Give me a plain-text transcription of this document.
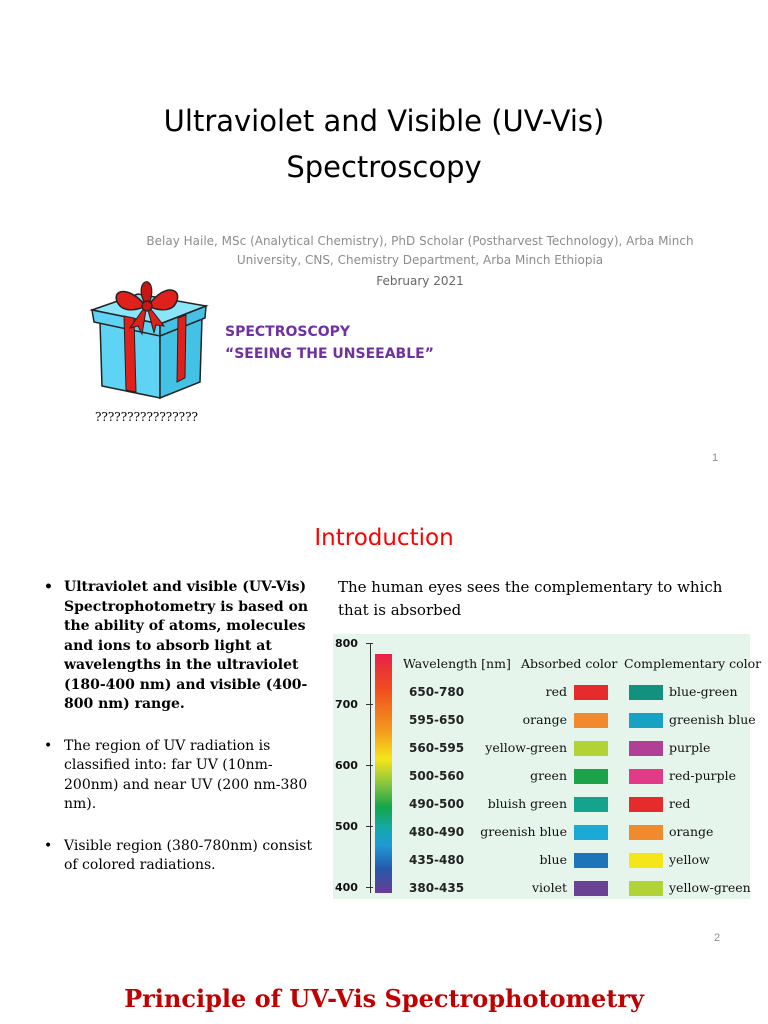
Ultraviolet and Visible (UV-Vis)
Spectroscopy
Belay Haile, MSc (Analytical Chemistry), PhD Scholar (Postharvest Technology), Arba Minch
University, CNS, Chemistry Department, Arba Minch Ethiopia
February 2021
SPECTROSCOPY
“SEEING THE UNSEEABLE”
????????????????
1
Introduction
• Ultraviolet and visible (UV-Vis) Spectrophotometry is based on the ability of atoms, molecules and ions to absorb light at wavelengths in the ultraviolet (180-400 nm) and visible (400-800 nm) range.
• The region of UV radiation is classified into: far UV (10nm-200nm) and near UV (200 nm-380 nm).
• Visible region (380-780nm) consist of colored radiations.
The human eyes sees the complementary to which that is absorbed
800
700
600
500
400
Wavelength [nm] Absorbed color Complementary color
650-780	red	blue-green
595-650	orange	greenish blue
560-595	yellow-green	purple
500-560	green	red-purple
490-500	bluish green	red
480-490	greenish blue	orange
435-480	blue	yellow
380-435	violet	yellow-green
2
Principle of UV-Vis Spectrophotometry
